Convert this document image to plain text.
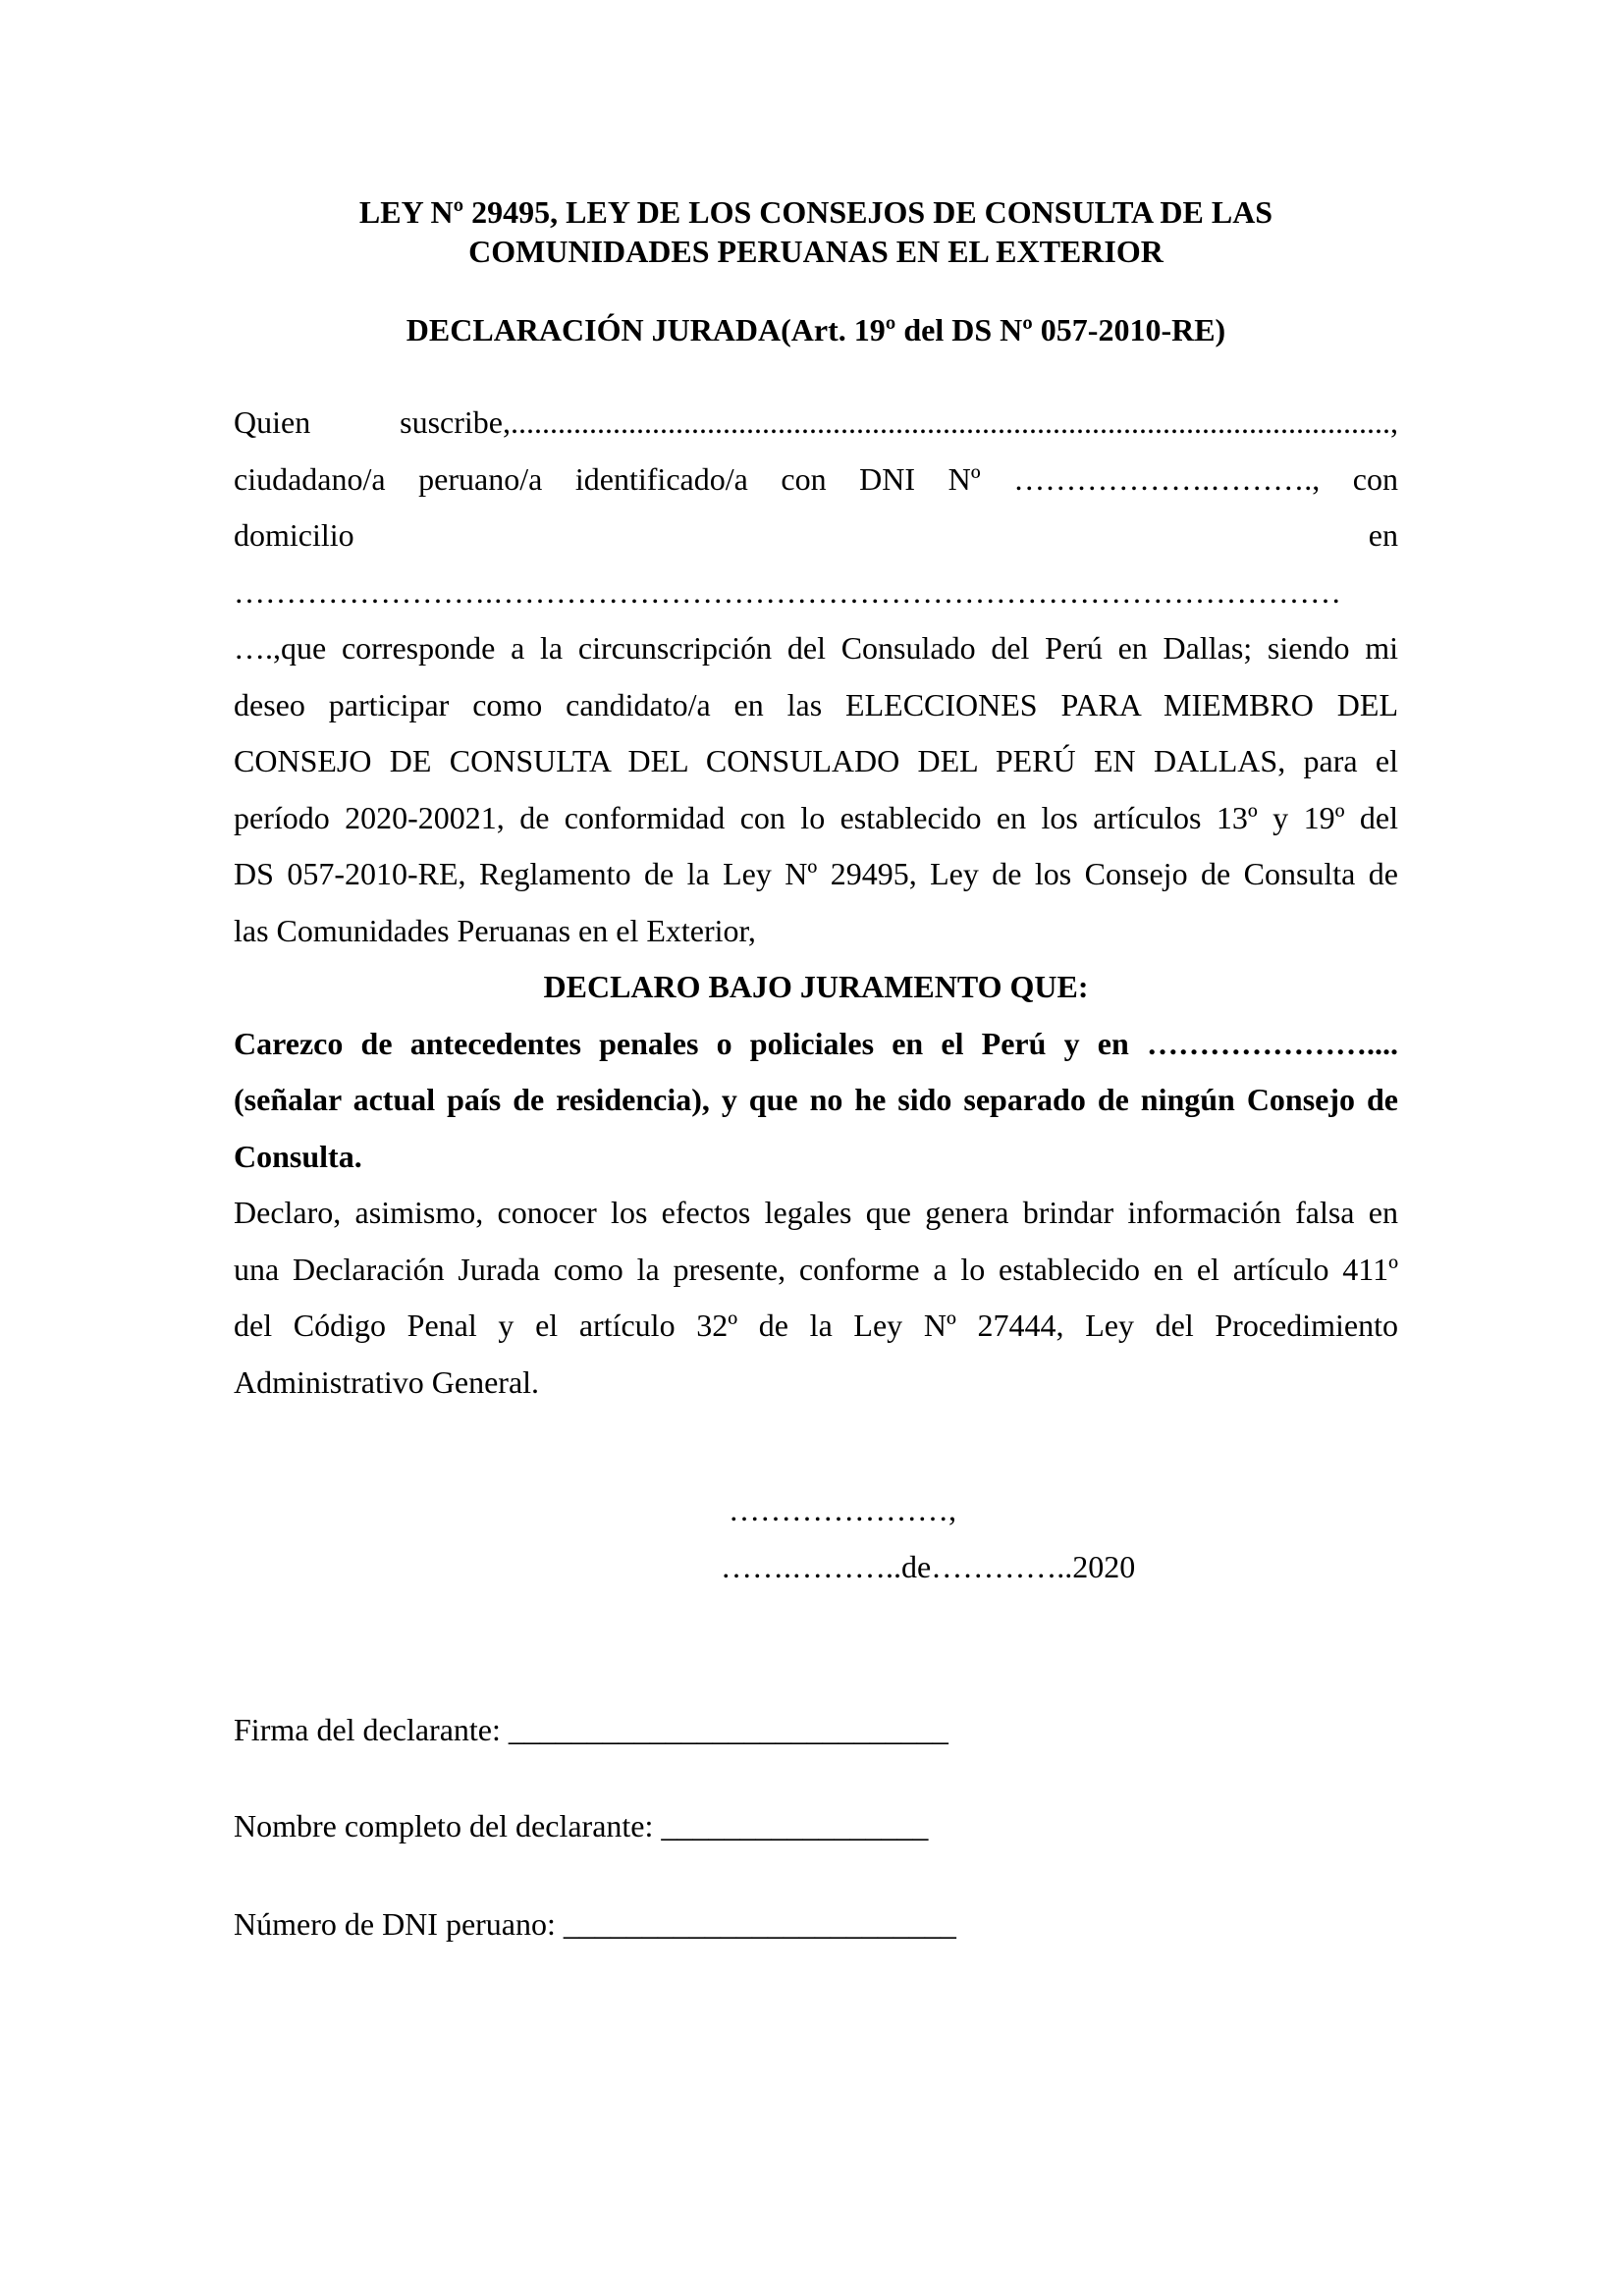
LEY Nº 29495, LEY DE LOS CONSEJOS DE CONSULTA DE LAS
COMUNIDADES PERUANAS EN EL EXTERIOR

DECLARACIÓN JURADA(Art. 19º del DS Nº 057-2010-RE)

Quien suscribe,................................................................................................................,
ciudadano/a peruano/a identificado/a con DNI Nº ……………….………., con
domicilio en
…………………….………………………………………………………………………
….,que corresponde a la circunscripción del Consulado del Perú en Dallas; siendo mi
deseo participar como candidato/a en las ELECCIONES PARA MIEMBRO DEL
CONSEJO DE CONSULTA DEL CONSULADO DEL PERÚ EN DALLAS, para el
período 2020-20021, de conformidad con lo establecido en los artículos 13º y 19º del
DS 057-2010-RE, Reglamento de la Ley Nº 29495, Ley de los Consejo de Consulta de
las Comunidades Peruanas en el Exterior,
DECLARO BAJO JURAMENTO QUE:
Carezco de antecedentes penales o policiales en el Perú y en …………………....
(señalar actual país de residencia), y que no he sido separado de ningún Consejo de
Consulta.
Declaro, asimismo, conocer los efectos legales que genera brindar información falsa en
una Declaración Jurada como la presente, conforme a lo establecido en el artículo 411º
del Código Penal y el artículo 32º de la Ley Nº 27444, Ley del Procedimiento
Administrativo General.
…………………,
…….………..de…………..2020
Firma del declarante: ____________________________
Nombre completo del declarante: _________________
Número de DNI peruano: _________________________
